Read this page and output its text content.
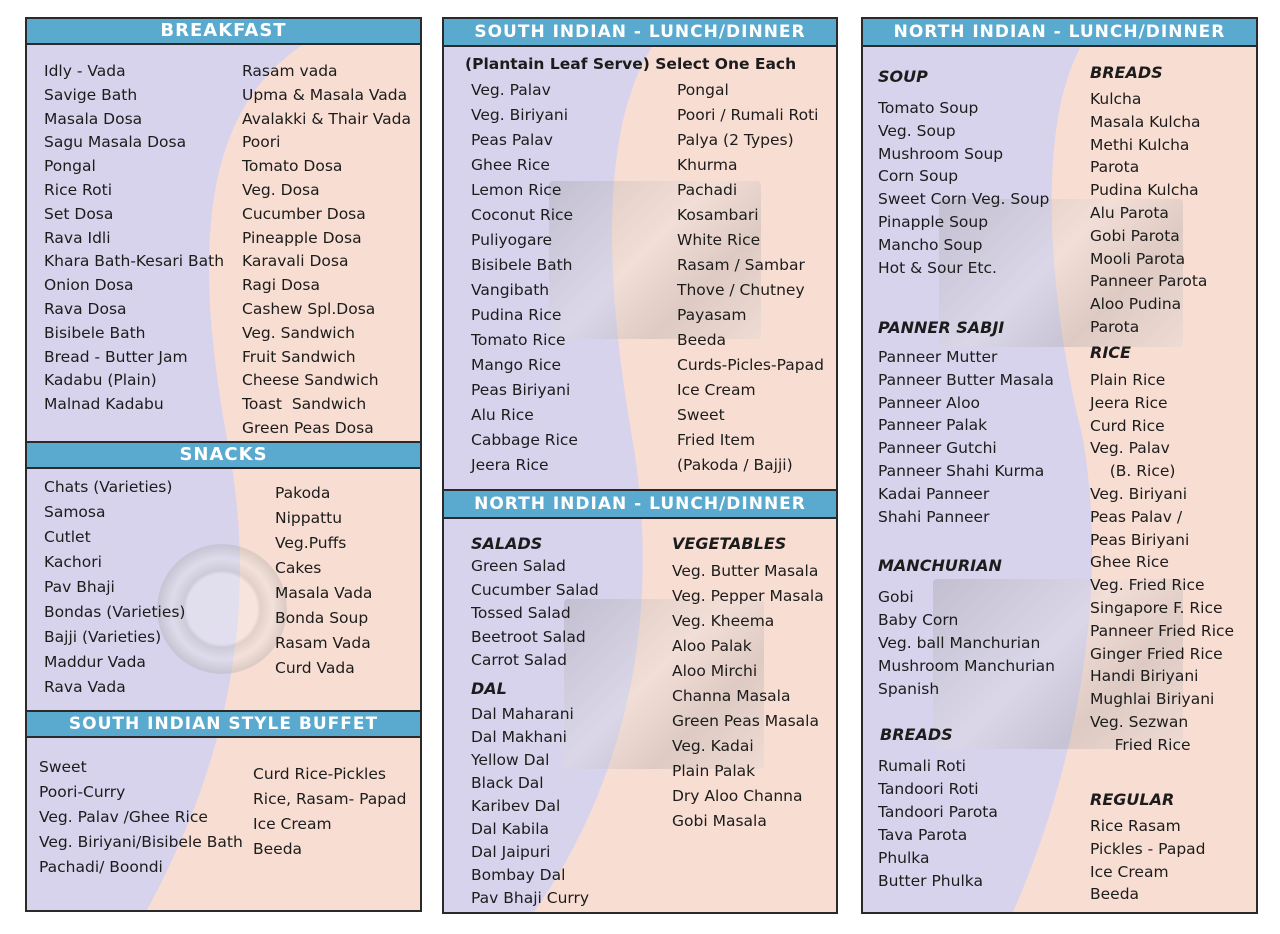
BREAKFAST
Idly - Vada
Savige Bath
Masala Dosa
Sagu Masala Dosa
Pongal
Rice Roti
Set Dosa
Rava Idli
Khara Bath-Kesari Bath
Onion Dosa
Rava Dosa
Bisibele Bath
Bread - Butter Jam
Kadabu (Plain)
Malnad Kadabu
Rasam vada
Upma & Masala Vada
Avalakki & Thair Vada
Poori
Tomato Dosa
Veg. Dosa
Cucumber Dosa
Pineapple Dosa
Karavali Dosa
Ragi Dosa
Cashew Spl.Dosa
Veg. Sandwich
Fruit Sandwich
Cheese Sandwich
Toast  Sandwich
Green Peas Dosa
SNACKS
Chats (Varieties)
Samosa
Cutlet
Kachori
Pav Bhaji
Bondas (Varieties)
Bajji (Varieties)
Maddur Vada
Rava Vada
Pakoda
Nippattu
Veg.Puffs
Cakes
Masala Vada
Bonda Soup
Rasam Vada
Curd Vada
SOUTH INDIAN STYLE BUFFET
Sweet
Poori-Curry
Veg. Palav /Ghee Rice
Veg. Biriyani/Bisibele Bath
Pachadi/ Boondi
Curd Rice-Pickles
Rice, Rasam- Papad
Ice Cream
Beeda
SOUTH INDIAN - LUNCH/DINNER
(Plantain Leaf Serve) Select One Each
Veg. Palav
Veg. Biriyani
Peas Palav
Ghee Rice
Lemon Rice
Coconut Rice
Puliyogare
Bisibele Bath
Vangibath
Pudina Rice
Tomato Rice
Mango Rice
Peas Biriyani
Alu Rice
Cabbage Rice
Jeera Rice
Pongal
Poori / Rumali Roti
Palya (2 Types)
Khurma
Pachadi
Kosambari
White Rice
Rasam / Sambar
Thove / Chutney
Payasam
Beeda
Curds-Picles-Papad
Ice Cream
Sweet
Fried Item
(Pakoda / Bajji)
NORTH INDIAN - LUNCH/DINNER
SALADS
Green Salad
Cucumber Salad
Tossed Salad
Beetroot Salad
Carrot Salad
DAL
Dal Maharani
Dal Makhani
Yellow Dal
Black Dal
Karibev Dal
Dal Kabila
Dal Jaipuri
Bombay Dal
Pav Bhaji Curry
VEGETABLES
Veg. Butter Masala
Veg. Pepper Masala
Veg. Kheema
Aloo Palak
Aloo Mirchi
Channa Masala
Green Peas Masala
Veg. Kadai
Plain Palak
Dry Aloo Channa
Gobi Masala
NORTH INDIAN - LUNCH/DINNER
SOUP
Tomato Soup
Veg. Soup
Mushroom Soup
Corn Soup
Sweet Corn Veg. Soup
Pinapple Soup
Mancho Soup
Hot & Sour Etc.
PANNER SABJI
Panneer Mutter
Panneer Butter Masala
Panneer Aloo
Panneer Palak
Panneer Gutchi
Panneer Shahi Kurma
Kadai Panneer
Shahi Panneer
MANCHURIAN
Gobi
Baby Corn
Veg. ball Manchurian
Mushroom Manchurian
Spanish
BREADS
Rumali Roti
Tandoori Roti
Tandoori Parota
Tava Parota
Phulka
Butter Phulka
BREADS
Kulcha
Masala Kulcha
Methi Kulcha
Parota
Pudina Kulcha
Alu Parota
Gobi Parota
Mooli Parota
Panneer Parota
Aloo Pudina
Parota
RICE
Plain Rice
Jeera Rice
Curd Rice
Veg. Palav
(B. Rice)
Veg. Biriyani
Peas Palav /
Peas Biriyani
Ghee Rice
Veg. Fried Rice
Singapore F. Rice
Panneer Fried Rice
Ginger Fried Rice
Handi Biriyani
Mughlai Biriyani
Veg. Sezwan
Fried Rice
REGULAR
Rice Rasam
Pickles - Papad
Ice Cream
Beeda
